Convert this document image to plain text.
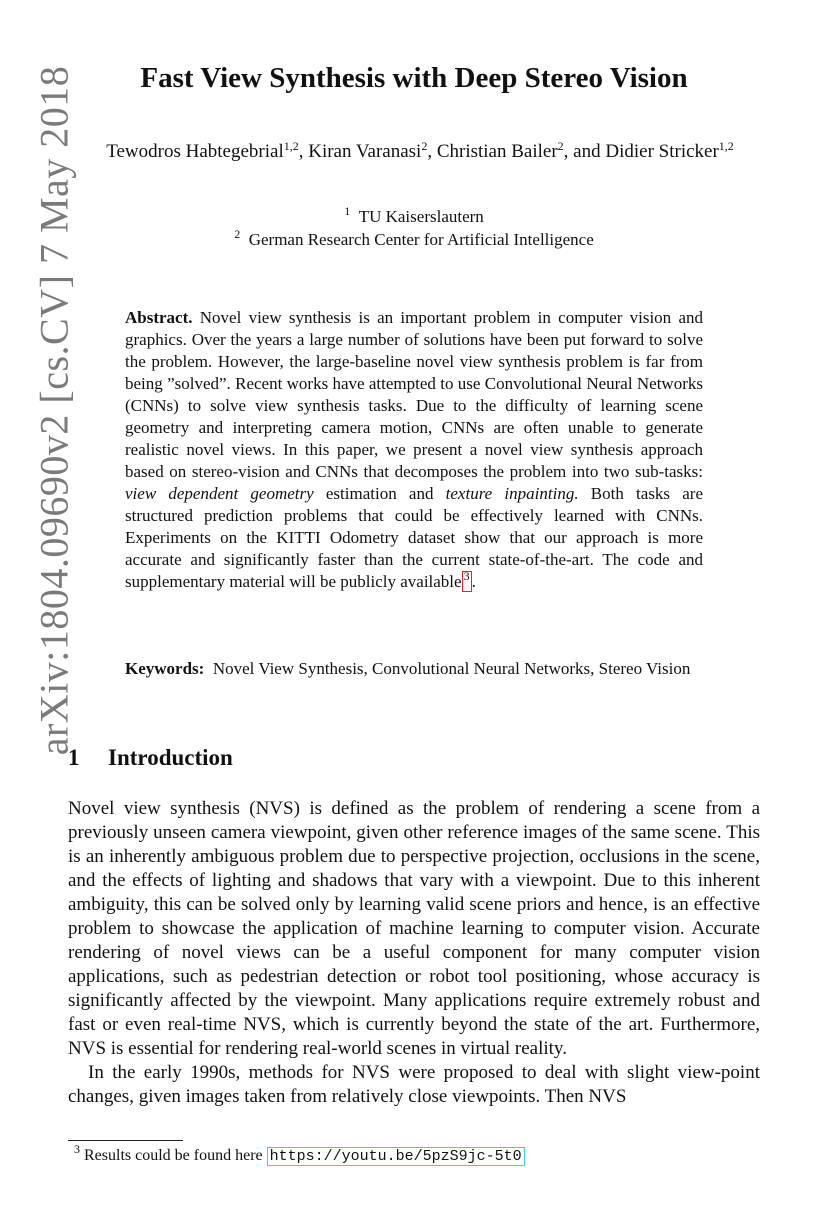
arXiv:1804.09690v2 [cs.CV] 7 May 2018	Fast View Synthesis with Deep Stereo Vision
Tewodros Habtegebrial$^{1,2}$, Kiran Varanasi$^2$, Christian Bailer$^2$, and Didier Stricker$^{1,2}$
$^1$ TU Kaiserslautern
$^2$ German Research Center for Artificial Intelligence
Abstract. Novel view synthesis is an important problem in computer vision and graphics. Over the years a large number of solutions have been put forward to solve the problem. However, the large-baseline novel view synthesis problem is far from being ”solved”. Recent works have attempted to use Convolutional Neural Networks (CNNs) to solve view synthesis tasks. Due to the difficulty of learning scene geometry and interpreting camera motion, CNNs are often unable to generate realistic novel views. In this paper, we present a novel view synthesis approach based on stereo-vision and CNNs that decomposes the problem into two sub-tasks: view dependent geometry estimation and texture inpainting. Both tasks are structured prediction problems that could be effectively learned with CNNs. Experiments on the KITTI Odometry dataset show that our approach is more accurate and significantly faster than the current state-of-the-art. The code and supplementary material will be publicly available $^3$ .
Keywords: Novel View Synthesis, Convolutional Neural Networks, Stereo Vision
1 Introduction

Novel view synthesis (NVS) is defined as the problem of rendering a scene from a previously unseen camera viewpoint, given other reference images of the same scene. This is an inherently ambiguous problem due to perspective projection, occlusions in the scene, and the effects of lighting and shadows that vary with a viewpoint. Due to this inherent ambiguity, this can be solved only by learning valid scene priors and hence, is an effective problem to showcase the application of machine learning to computer vision. Accurate rendering of novel views can be a useful component for many computer vision applications, such as pedestrian detection or robot tool positioning, whose accuracy is significantly affected by the viewpoint. Many applications require extremely robust and fast or even real-time NVS, which is currently beyond the state of the art. Furthermore, NVS is essential for rendering real-world scenes in virtual reality.

In the early 1990s, methods for NVS were proposed to deal with slight view-point changes, given images taken from relatively close viewpoints. Then NVS

$^3$ Results could be found here https://youtu.be/5pzS9jc-5t0
